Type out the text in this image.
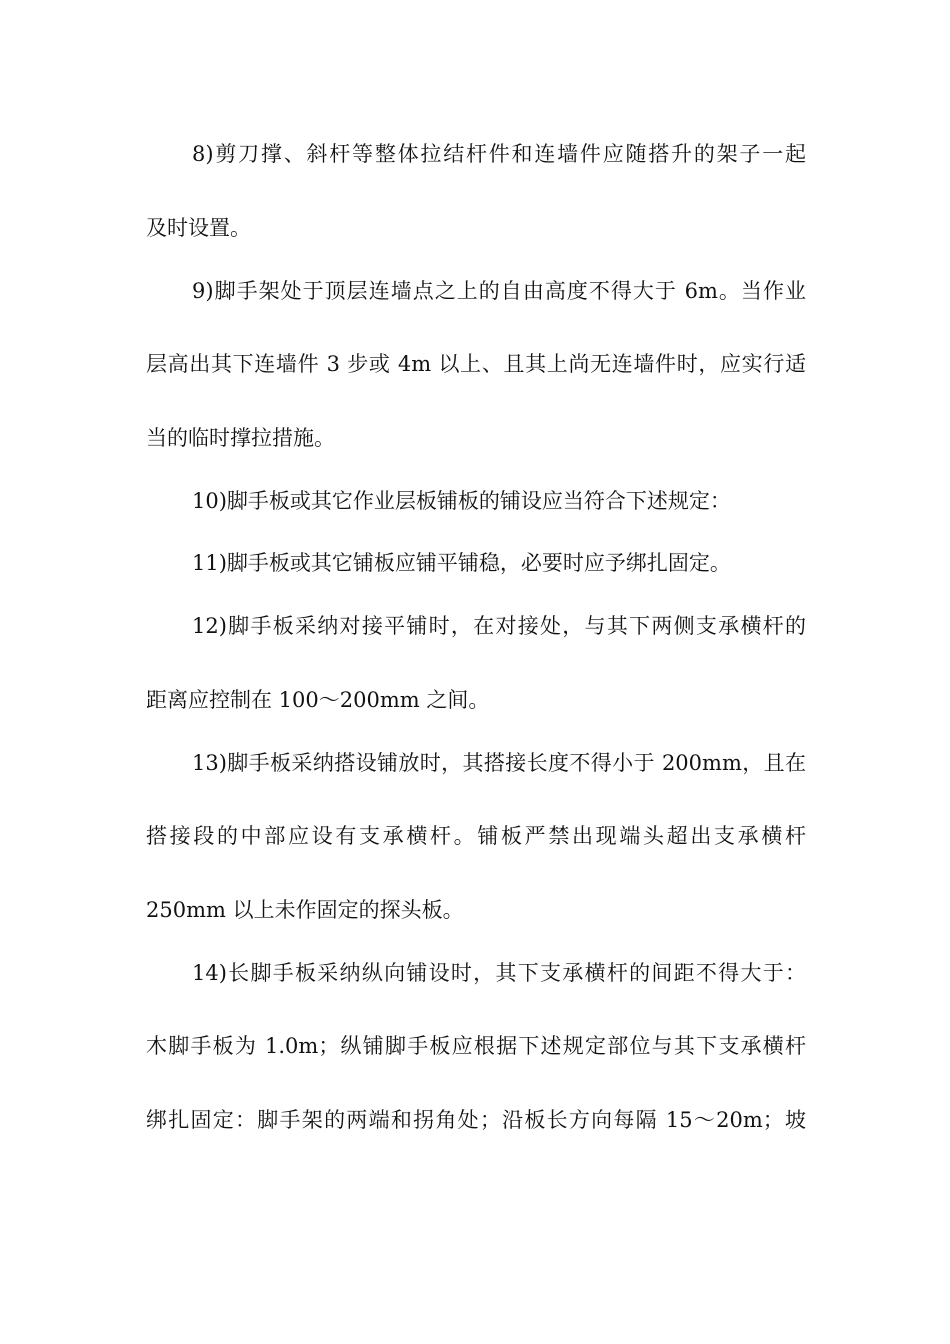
8)剪刀撑、斜杆等整体拉结杆件和连墙件应随搭升的架子一起
及时设置。
9)脚手架处于顶层连墙点之上的自由高度不得大于 6m。当作业
层高出其下连墙件 3 步或 4m 以上、且其上尚无连墙件时，应实行适
当的临时撑拉措施。
10)脚手板或其它作业层板铺板的铺设应当符合下述规定：
11)脚手板或其它铺板应铺平铺稳，必要时应予绑扎固定。
12)脚手板采纳对接平铺时，在对接处，与其下两侧支承横杆的
距离应控制在 100～200mm 之间。
13)脚手板采纳搭设铺放时，其搭接长度不得小于 200mm，且在
搭接段的中部应设有支承横杆。铺板严禁出现端头超出支承横杆
250mm 以上未作固定的探头板。
14)长脚手板采纳纵向铺设时，其下支承横杆的间距不得大于：
木脚手板为 1.0m；纵铺脚手板应根据下述规定部位与其下支承横杆
绑扎固定：脚手架的两端和拐角处；沿板长方向每隔 15～20m；坡
